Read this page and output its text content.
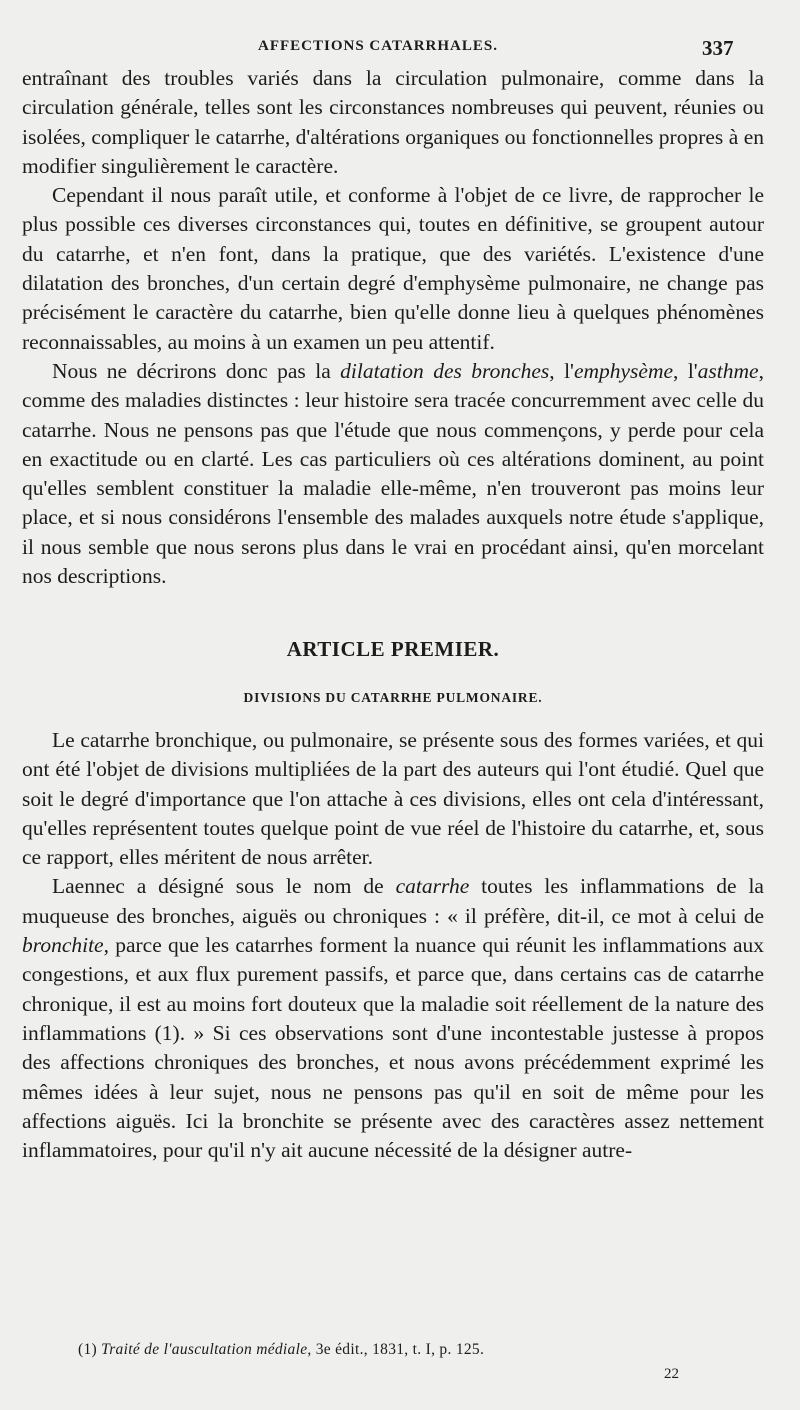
AFFECTIONS CATARRHALES.	337

entraînant des troubles variés dans la circulation pulmonaire, comme dans la circulation générale, telles sont les circonstances nombreuses qui peuvent, réunies ou isolées, compliquer le catarrhe, d'altérations organiques ou fonctionnelles propres à en modifier singulièrement le caractère.

Cependant il nous paraît utile, et conforme à l'objet de ce livre, de rapprocher le plus possible ces diverses circonstances qui, toutes en définitive, se groupent autour du catarrhe, et n'en font, dans la pratique, que des variétés. L'existence d'une dilatation des bronches, d'un certain degré d'emphysème pulmonaire, ne change pas précisément le caractère du catarrhe, bien qu'elle donne lieu à quelques phénomènes reconnaissables, au moins à un examen un peu attentif.

Nous ne décrirons donc pas la dilatation des bronches, l'emphysème, l'asthme, comme des maladies distinctes : leur histoire sera tracée concurremment avec celle du catarrhe. Nous ne pensons pas que l'étude que nous commençons, y perde pour cela en exactitude ou en clarté. Les cas particuliers où ces altérations dominent, au point qu'elles semblent constituer la maladie elle-même, n'en trouveront pas moins leur place, et si nous considérons l'ensemble des malades auxquels notre étude s'applique, il nous semble que nous serons plus dans le vrai en procédant ainsi, qu'en morcelant nos descriptions.

ARTICLE PREMIER.
DIVISIONS DU CATARRHE PULMONAIRE.

Le catarrhe bronchique, ou pulmonaire, se présente sous des formes variées, et qui ont été l'objet de divisions multipliées de la part des auteurs qui l'ont étudié. Quel que soit le degré d'importance que l'on attache à ces divisions, elles ont cela d'intéressant, qu'elles représentent toutes quelque point de vue réel de l'histoire du catarrhe, et, sous ce rapport, elles méritent de nous arrêter.

Laennec a désigné sous le nom de catarrhe toutes les inflammations de la muqueuse des bronches, aiguës ou chroniques : « il préfère, dit-il, ce mot à celui de bronchite, parce que les catarrhes forment la nuance qui réunit les inflammations aux congestions, et aux flux purement passifs, et parce que, dans certains cas de catarrhe chronique, il est au moins fort douteux que la maladie soit réellement de la nature des inflammations (1). » Si ces observations sont d'une incontestable justesse à propos des affections chroniques des bronches, et nous avons précédemment exprimé les mêmes idées à leur sujet, nous ne pensons pas qu'il en soit de même pour les affections aiguës. Ici la bronchite se présente avec des caractères assez nettement inflammatoires, pour qu'il n'y ait aucune nécessité de la désigner autre-

(1) Traité de l'auscultation médiale, 3e édit., 1831, t. I, p. 125.
22
